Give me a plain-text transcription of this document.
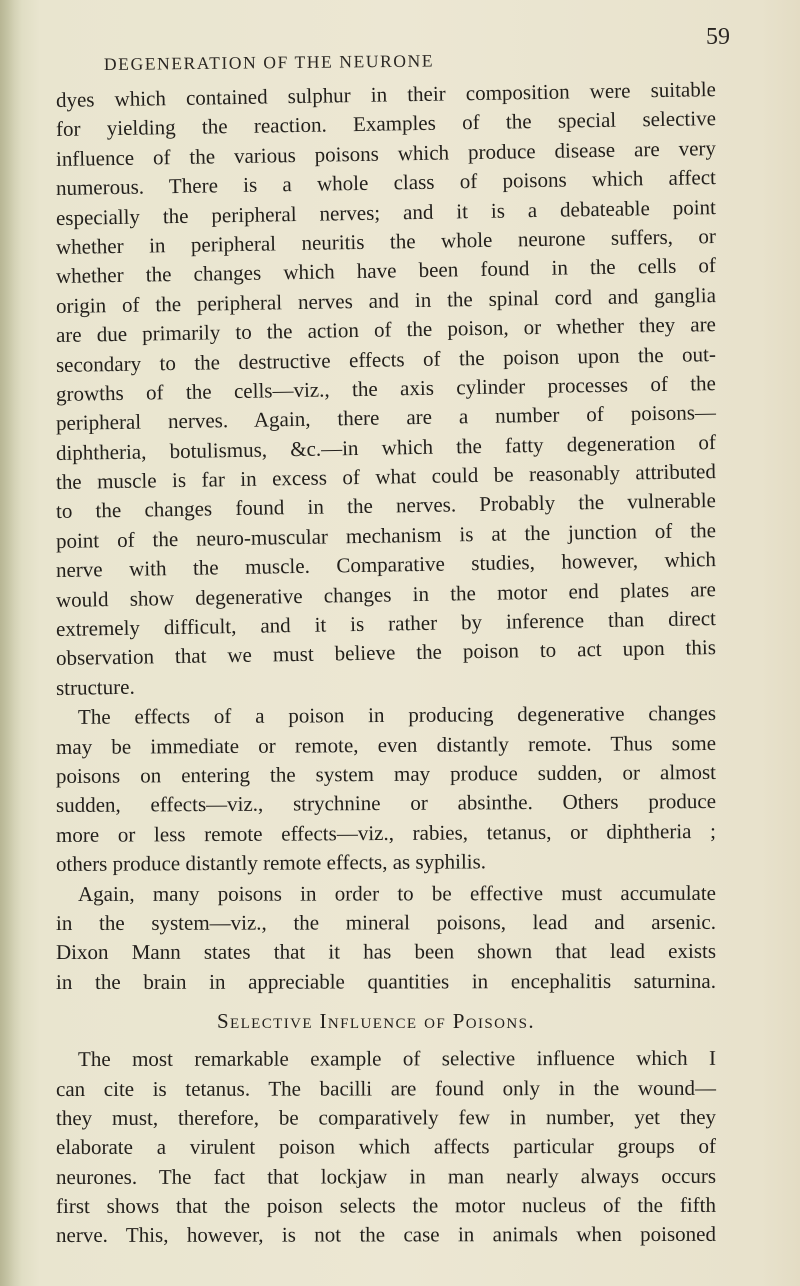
DEGENERATION OF THE NEURONE
59
dyes which contained sulphur in their composition were suitable
for yielding the reaction. Examples of the special selective
influence of the various poisons which produce disease are very
numerous. There is a whole class of poisons which affect
especially the peripheral nerves; and it is a debateable point
whether in peripheral neuritis the whole neurone suffers, or
whether the changes which have been found in the cells of
origin of the peripheral nerves and in the spinal cord and ganglia
are due primarily to the action of the poison, or whether they are
secondary to the destructive effects of the poison upon the out-
growths of the cells—viz., the axis cylinder processes of the
peripheral nerves. Again, there are a number of poisons—
diphtheria, botulismus, &c.—in which the fatty degeneration of
the muscle is far in excess of what could be reasonably attributed
to the changes found in the nerves. Probably the vulnerable
point of the neuro-muscular mechanism is at the junction of the
nerve with the muscle. Comparative studies, however, which
would show degenerative changes in the motor end plates are
extremely difficult, and it is rather by inference than direct
observation that we must believe the poison to act upon this
structure.
The effects of a poison in producing degenerative changes
may be immediate or remote, even distantly remote. Thus some
poisons on entering the system may produce sudden, or almost
sudden, effects—viz., strychnine or absinthe. Others produce
more or less remote effects—viz., rabies, tetanus, or diphtheria ;
others produce distantly remote effects, as syphilis.
Again, many poisons in order to be effective must accumulate
in the system—viz., the mineral poisons, lead and arsenic.
Dixon Mann states that it has been shown that lead exists
in the brain in appreciable quantities in encephalitis saturnina.
Selective Influence of Poisons.
The most remarkable example of selective influence which I
can cite is tetanus. The bacilli are found only in the wound—
they must, therefore, be comparatively few in number, yet they
elaborate a virulent poison which affects particular groups of
neurones. The fact that lockjaw in man nearly always occurs
first shows that the poison selects the motor nucleus of the fifth
nerve. This, however, is not the case in animals when poisoned
